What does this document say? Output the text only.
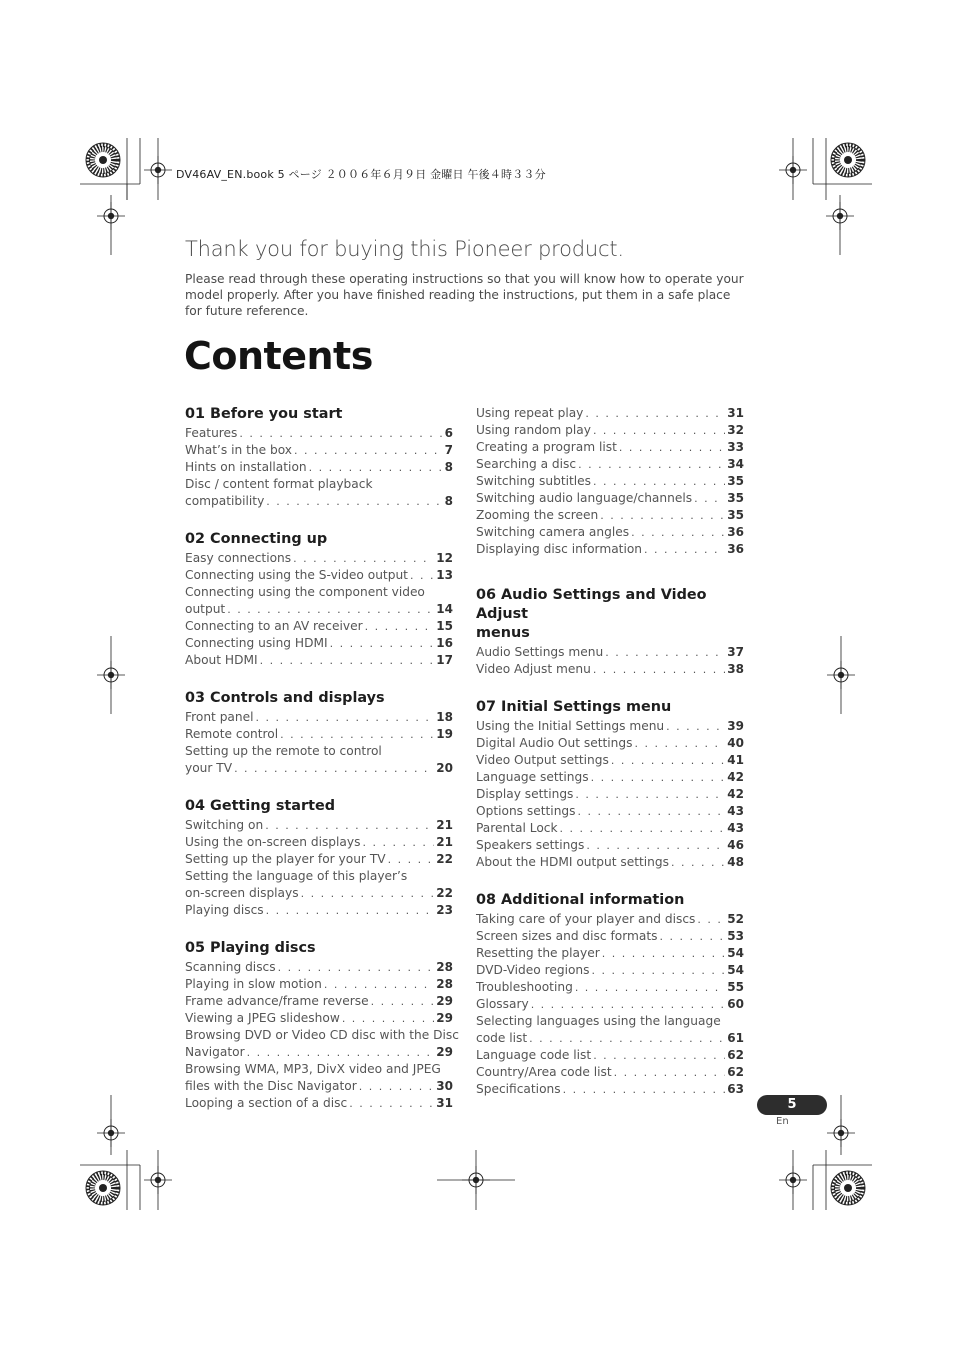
DV46AV_EN.book 5 ページ ２００６年６月９日 金曜日 午後４時３３分
Thank you for buying this Pioneer product.

Please read through these operating instructions so that you will know how to operate your model properly. After you have finished reading the instructions, put them in a safe place for future reference.

Contents
01 Before you start
Features . . .	6
What’s in the box . . .	7
Hints on installation . . .	8
Disc / content format playback
compatibility . . .	8
02 Connecting up
Easy connections . . .	12
Connecting using the S-video output . . . 13
Connecting using the component video
output . . .	14
Connecting to an AV receiver . . .	15
Connecting using HDMI . . .	16
About HDMI . . .	17
03 Controls and displays
Front panel . . .	18
Remote control . . .	19
Setting up the remote to control
your TV . . .	20
04 Getting started
Switching on . . .	21
Using the on-screen displays . . .	21
Setting up the player for your TV . . .	22
Setting the language of this player’s
on-screen displays . . .	22
Playing discs . . .	23
05 Playing discs
Scanning discs . . .	28
Playing in slow motion . . .	28
Frame advance/frame reverse . . .	29
Viewing a JPEG slideshow . . .	29
Browsing DVD or Video CD disc with the Disc
Navigator . . .	29
Browsing WMA, MP3, DivX video and JPEG
files with the Disc Navigator . . .	30
Looping a section of a disc . . .	31
Using repeat play . . .	31
Using random play . . .	32
Creating a program list . . .	33
Searching a disc . . .	34
Switching subtitles . . .	35
Switching audio language/channels . . .	35
Zooming the screen . . .	35
Switching camera angles . . .	36
Displaying disc information . . .	36
06 Audio Settings and Video Adjust
menus
Audio Settings menu . . .	37
Video Adjust menu . . .	38
07 Initial Settings menu
Using the Initial Settings menu . . .	39
Digital Audio Out settings . . .	40
Video Output settings . . .	41
Language settings . . .	42
Display settings . . .	42
Options settings . . .	43
Parental Lock . . .	43
Speakers settings . . .	46
About the HDMI output settings . . .	48
08 Additional information
Taking care of your player and discs . . .	52
Screen sizes and disc formats . . .	53
Resetting the player . . .	54
DVD-Video regions . . .	54
Troubleshooting . . .	55
Glossary . . .	60
Selecting languages using the language
code list . . .	61
Language code list . . .	62
Country/Area code list . . .	62
Specifications . . .	63
5
En
